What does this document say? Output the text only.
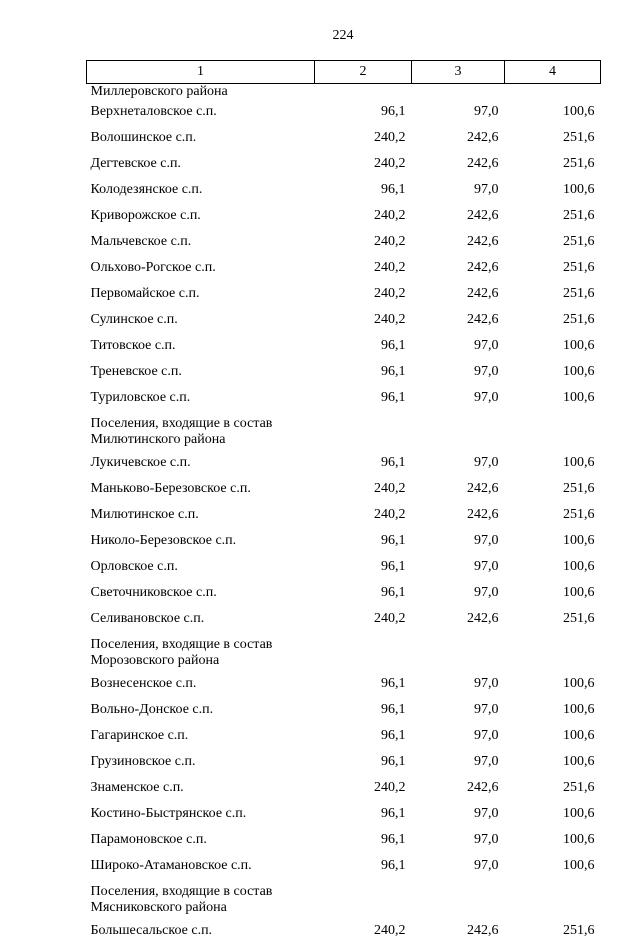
224
1	2	3	4
Миллеровского района			
Верхнеталовское с.п.	96,1	97,0	100,6
Волошинское с.п.	240,2	242,6	251,6
Дегтевское с.п.	240,2	242,6	251,6
Колодезянское с.п.	96,1	97,0	100,6
Криворожское с.п.	240,2	242,6	251,6
Мальчевское с.п.	240,2	242,6	251,6
Ольхово-Рогское с.п.	240,2	242,6	251,6
Первомайское с.п.	240,2	242,6	251,6
Сулинское с.п.	240,2	242,6	251,6
Титовское с.п.	96,1	97,0	100,6
Треневское с.п.	96,1	97,0	100,6
Туриловское с.п.	96,1	97,0	100,6

Поселения, входящие в состав
Милютинского района			

Лукичевское с.п.	96,1	97,0	100,6
Маньково-Березовское с.п.	240,2	242,6	251,6
Милютинское с.п.	240,2	242,6	251,6
Николо-Березовское с.п.	96,1	97,0	100,6
Орловское с.п.	96,1	97,0	100,6
Светочниковское с.п.	96,1	97,0	100,6
Селивановское с.п.	240,2	242,6	251,6

Поселения, входящие в состав
Морозовского района			

Вознесенское с.п.	96,1	97,0	100,6
Вольно-Донское с.п.	96,1	97,0	100,6
Гагаринское с.п.	96,1	97,0	100,6
Грузиновское с.п.	96,1	97,0	100,6
Знаменское с.п.	240,2	242,6	251,6
Костино-Быстрянское с.п.	96,1	97,0	100,6
Парамоновское с.п.	96,1	97,0	100,6
Широко-Атамановское с.п.	96,1	97,0	100,6

Поселения, входящие в состав
Мясниковского района			

Большесальское с.п.	240,2	242,6	251,6
